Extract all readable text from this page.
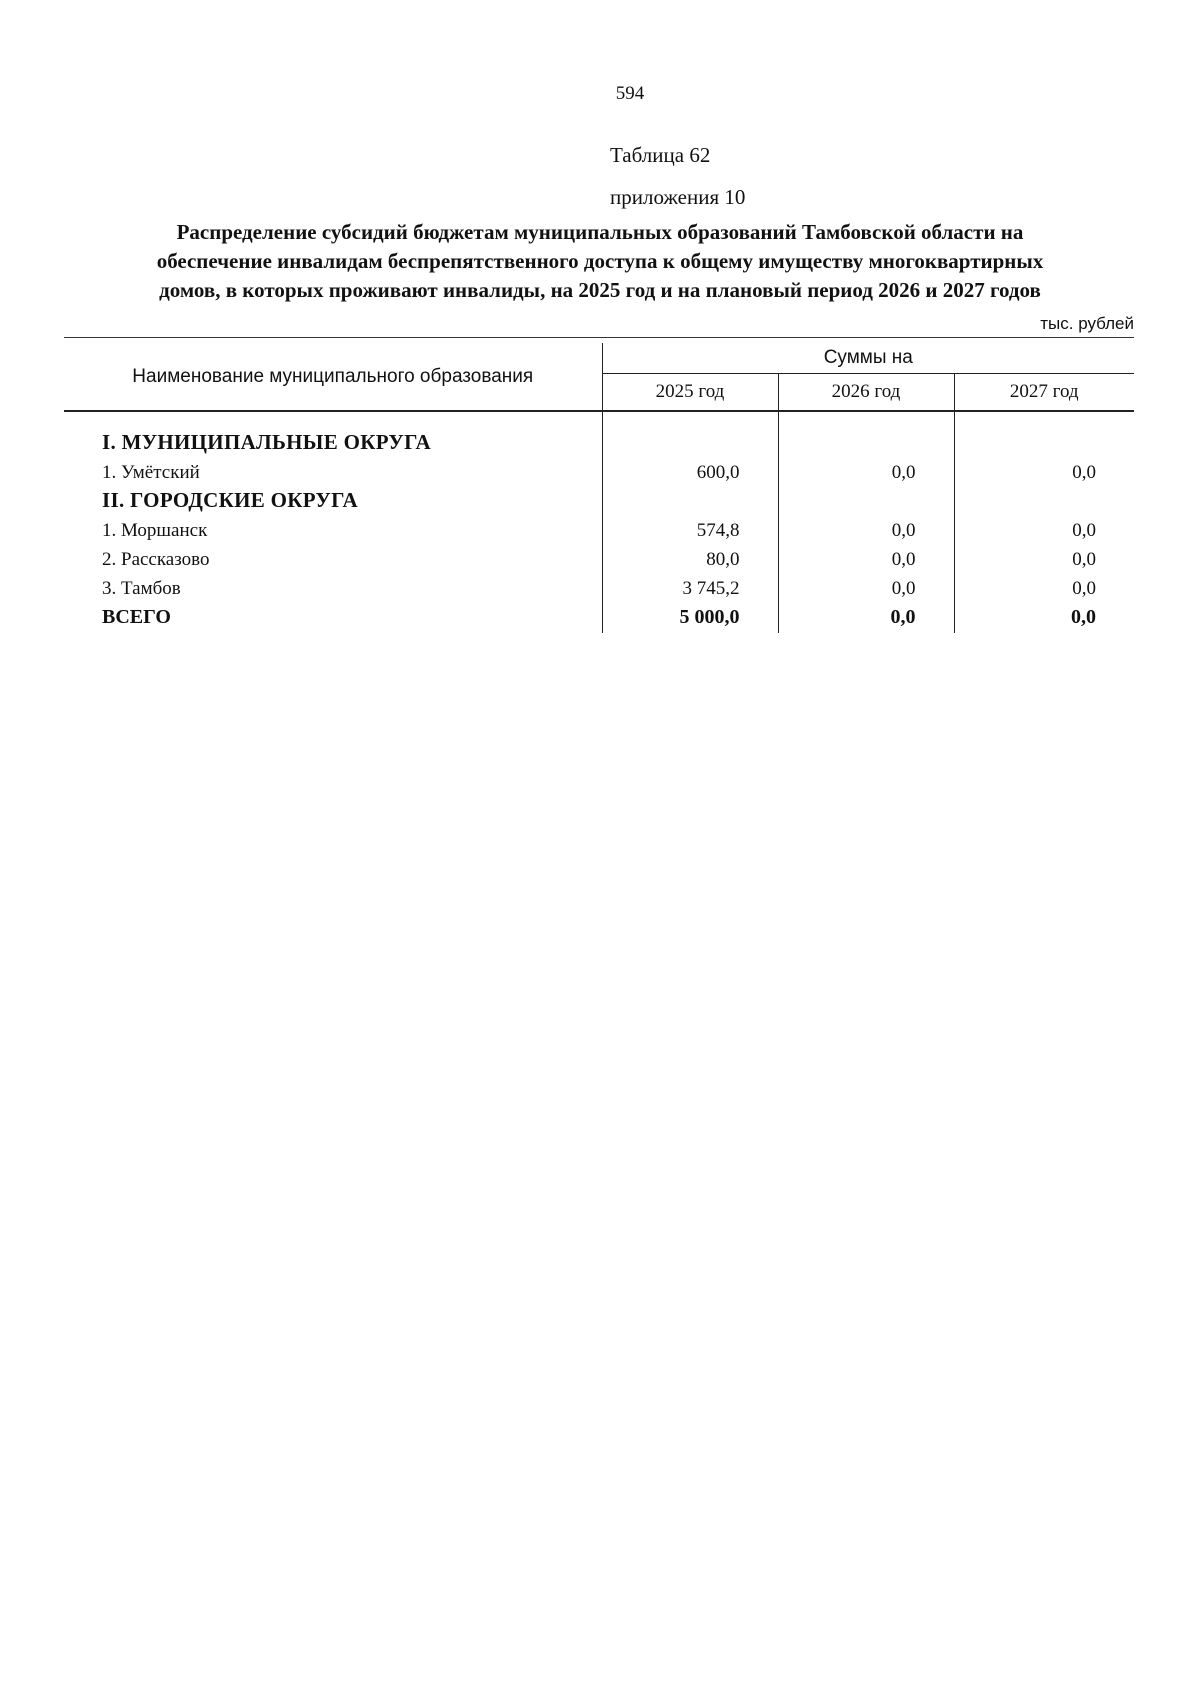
594
Таблица 62
приложения 10
Распределение субсидий бюджетам муниципальных образований Тамбовской области на
обеспечение инвалидам беспрепятственного доступа к общему имуществу многоквартирных
домов, в которых проживают инвалиды, на 2025 год и на плановый период 2026 и 2027 годов
тыс. рублей
Наименование муниципального образования	Суммы на		
	2025 год	2026 год	2027 год

I. МУНИЦИПАЛЬНЫЕ ОКРУГА			
1. Умётский	600,0	0,0	0,0
II. ГОРОДСКИЕ ОКРУГА			
1. Моршанск	574,8	0,0	0,0
2. Рассказово	80,0	0,0	0,0
3. Тамбов	3 745,2	0,0	0,0
ВСЕГО	5 000,0	0,0	0,0
